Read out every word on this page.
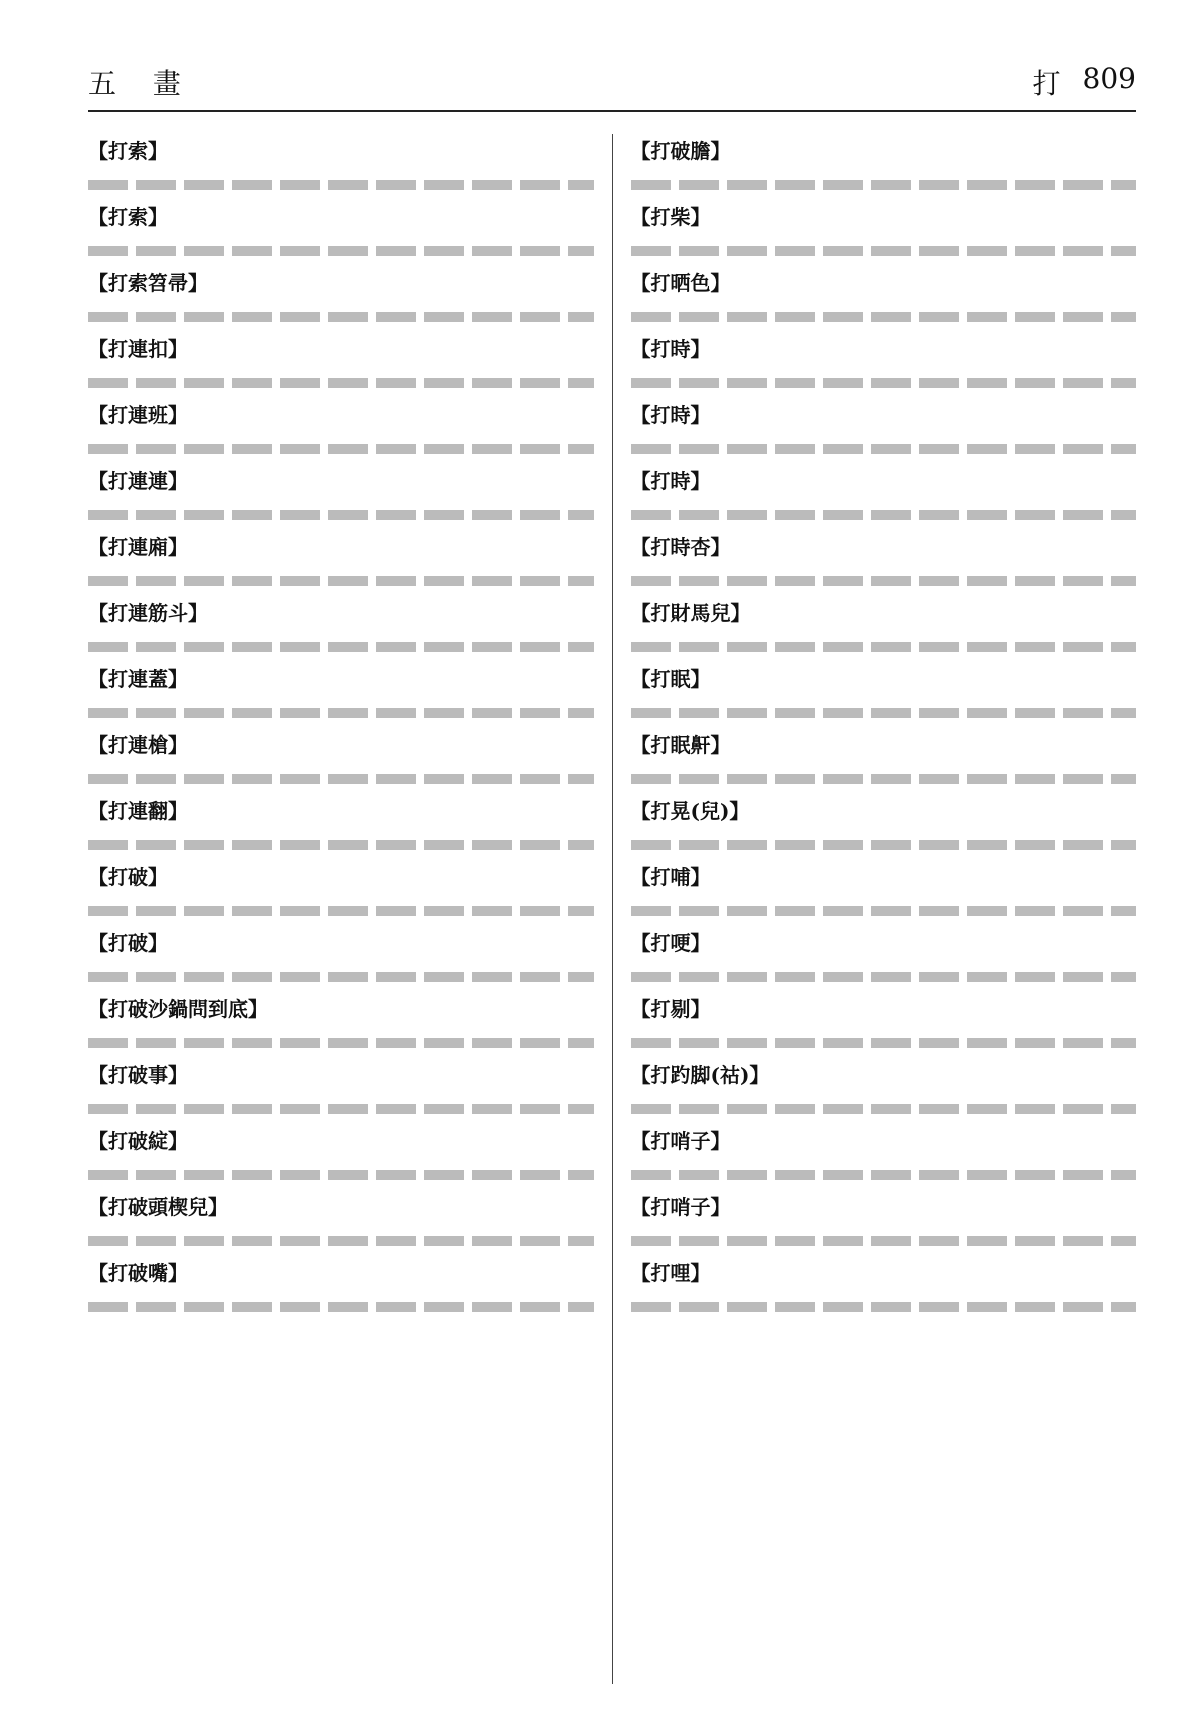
五 畫	打 809
【打索】
【打索】
【打索笤帚】
【打連扣】
【打連班】
【打連連】
【打連廂】
【打連筋斗】
【打連蓋】
【打連槍】
【打連翻】
【打破】
【打破】
【打破沙鍋問到底】
【打破事】
【打破綻】
【打破頭楔兒】
【打破嘴】
【打破膽】
【打柴】
【打晒色】
【打時】
【打時】
【打時】
【打時杏】
【打財馬兒】
【打眠】
【打眠鼾】
【打晃(兒)】
【打哺】
【打哽】
【打剔】
【打趵脚(祜)】
【打哨子】
【打哨子】
【打哩】
